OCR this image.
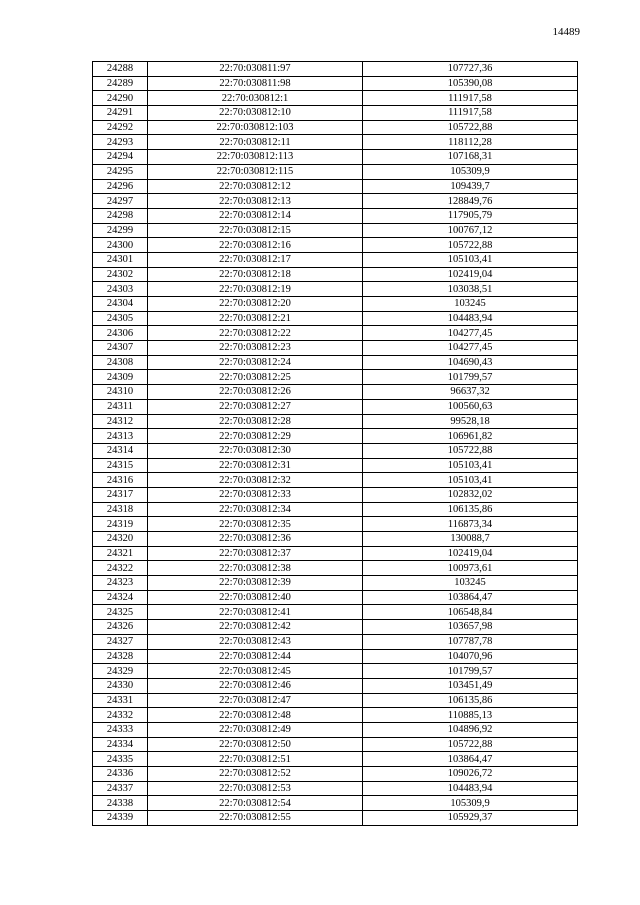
14489
24288	22:70:030811:97	107727,36
24289	22:70:030811:98	105390,08
24290	22:70:030812:1	111917,58
24291	22:70:030812:10	111917,58
24292	22:70:030812:103	105722,88
24293	22:70:030812:11	118112,28
24294	22:70:030812:113	107168,31
24295	22:70:030812:115	105309,9
24296	22:70:030812:12	109439,7
24297	22:70:030812:13	128849,76
24298	22:70:030812:14	117905,79
24299	22:70:030812:15	100767,12
24300	22:70:030812:16	105722,88
24301	22:70:030812:17	105103,41
24302	22:70:030812:18	102419,04
24303	22:70:030812:19	103038,51
24304	22:70:030812:20	103245
24305	22:70:030812:21	104483,94
24306	22:70:030812:22	104277,45
24307	22:70:030812:23	104277,45
24308	22:70:030812:24	104690,43
24309	22:70:030812:25	101799,57
24310	22:70:030812:26	96637,32
24311	22:70:030812:27	100560,63
24312	22:70:030812:28	99528,18
24313	22:70:030812:29	106961,82
24314	22:70:030812:30	105722,88
24315	22:70:030812:31	105103,41
24316	22:70:030812:32	105103,41
24317	22:70:030812:33	102832,02
24318	22:70:030812:34	106135,86
24319	22:70:030812:35	116873,34
24320	22:70:030812:36	130088,7
24321	22:70:030812:37	102419,04
24322	22:70:030812:38	100973,61
24323	22:70:030812:39	103245
24324	22:70:030812:40	103864,47
24325	22:70:030812:41	106548,84
24326	22:70:030812:42	103657,98
24327	22:70:030812:43	107787,78
24328	22:70:030812:44	104070,96
24329	22:70:030812:45	101799,57
24330	22:70:030812:46	103451,49
24331	22:70:030812:47	106135,86
24332	22:70:030812:48	110885,13
24333	22:70:030812:49	104896,92
24334	22:70:030812:50	105722,88
24335	22:70:030812:51	103864,47
24336	22:70:030812:52	109026,72
24337	22:70:030812:53	104483,94
24338	22:70:030812:54	105309,9
24339	22:70:030812:55	105929,37
